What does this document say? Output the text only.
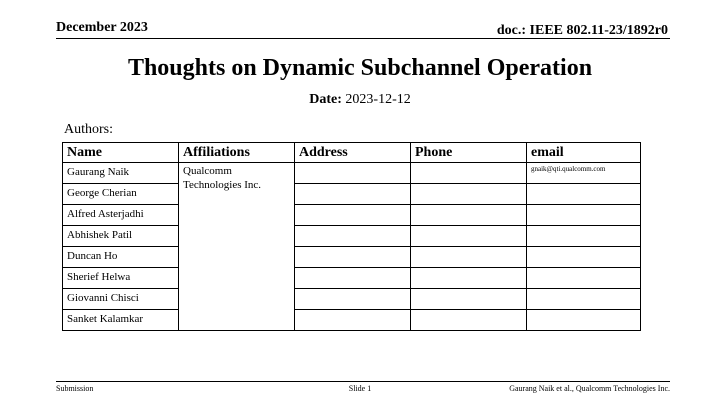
December 2023	doc.: IEEE 802.11-23/1892r0
Thoughts on Dynamic Subchannel Operation
Date: 2023-12-12
Authors:
Name	Affiliations	Address	Phone	email
Gaurang Naik	Qualcomm Technologies Inc.			gnaik@qti.qualcomm.com
George Cherian				
Alfred Asterjadhi				
Abhishek Patil				
Duncan Ho				
Sherief Helwa				
Giovanni Chisci				
Sanket Kalamkar				
Submission	Slide 1	Gaurang Naik et al., Qualcomm Technologies Inc.
